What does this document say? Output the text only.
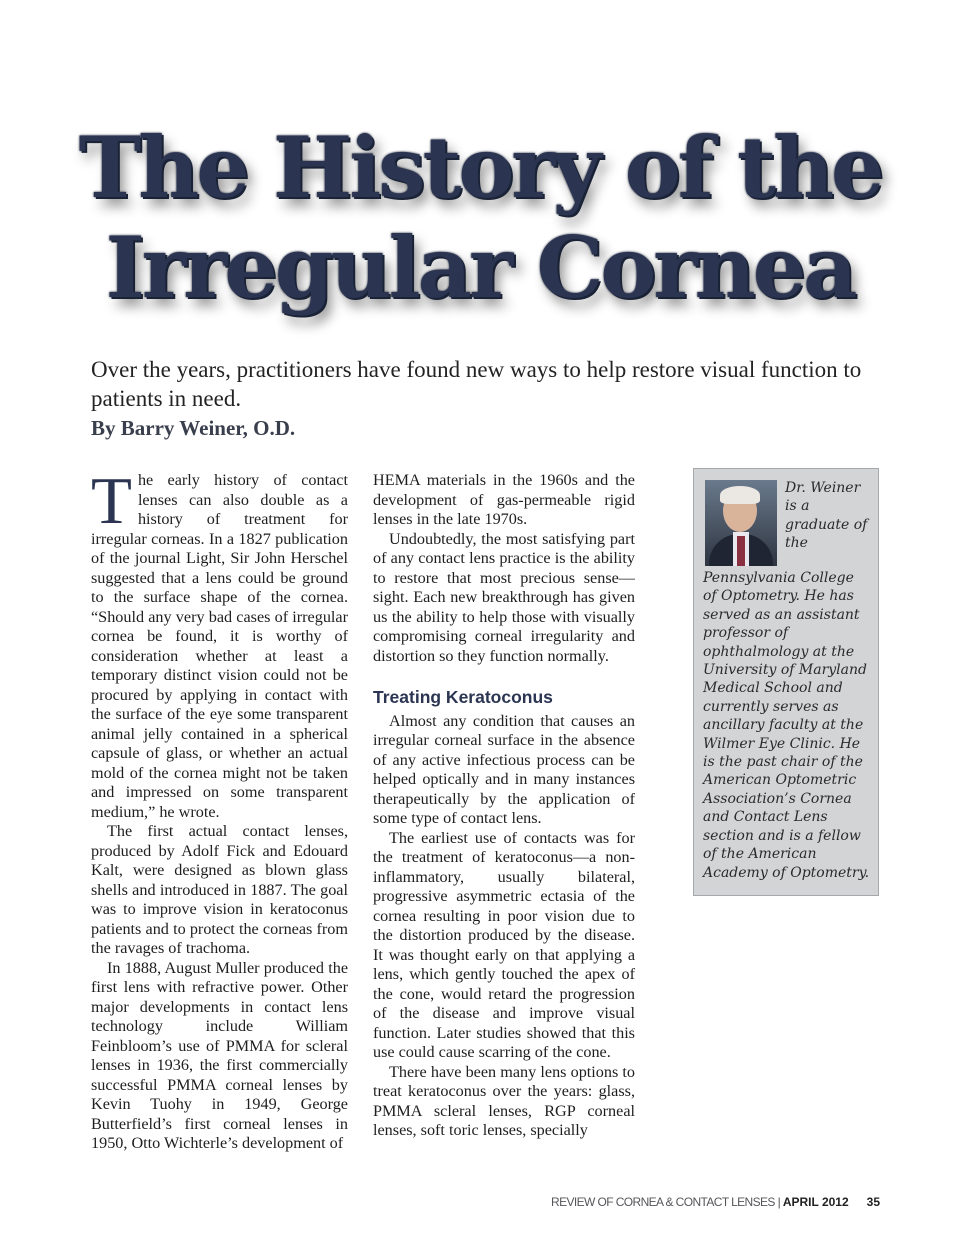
The History of the
Irregular Cornea

Over the years, practitioners have found new ways to help restore visual function to patients in need.

By Barry Weiner, O.D.

The early history of contact lenses can also double as a history of treatment for irregular corneas. In a 1827 publication of the journal Light, Sir John Herschel suggested that a lens could be ground to the surface shape of the cornea. “Should any very bad cases of irregular cornea be found, it is worthy of consideration whether at least a temporary distinct vision could not be procured by applying in contact with the surface of the eye some transparent animal jelly contained in a spherical capsule of glass, or whether an actual mold of the cornea might not be taken and impressed on some transparent medium,” he wrote.

The first actual contact lenses, produced by Adolf Fick and Edouard Kalt, were designed as blown glass shells and introduced in 1887. The goal was to improve vision in keratoconus patients and to protect the corneas from the ravages of trachoma.

In 1888, August Muller produced the first lens with refractive power. Other major developments in contact lens technology include William Feinbloom’s use of PMMA for scleral lenses in 1936, the first commercially successful PMMA corneal lenses by Kevin Tuohy in 1949, George Butterfield’s first corneal lenses in 1950, Otto Wichterle’s development of

HEMA materials in the 1960s and the development of gas-permeable rigid lenses in the late 1970s.

Undoubtedly, the most satisfying part of any contact lens practice is the ability to restore that most precious sense—sight. Each new breakthrough has given us the ability to help those with visually compromising corneal irregularity and distortion so they function normally.

Treating Keratoconus

Almost any condition that causes an irregular corneal surface in the absence of any active infectious process can be helped optically and in many instances therapeutically by the application of some type of contact lens.

The earliest use of contacts was for the treatment of keratoconus—a non-inflammatory, usually bilateral, progressive asymmetric ectasia of the cornea resulting in poor vision due to the distortion produced by the disease. It was thought early on that applying a lens, which gently touched the apex of the cone, would retard the progression of the disease and improve visual function. Later studies showed that this use could cause scarring of the cone.

There have been many lens options to treat keratoconus over the years: glass, PMMA scleral lenses, RGP corneal lenses, soft toric lenses, specially

Dr. Weiner is a graduate of the Pennsylvania College of Optometry. He has served as an assistant professor of ophthalmology at the University of Maryland Medical School and currently serves as ancillary faculty at the Wilmer Eye Clinic. He is the past chair of the American Optometric Association’s Cornea and Contact Lens section and is a fellow of the American Academy of Optometry.
REVIEW OF CORNEA & CONTACT LENSES | APRIL 2012 35
